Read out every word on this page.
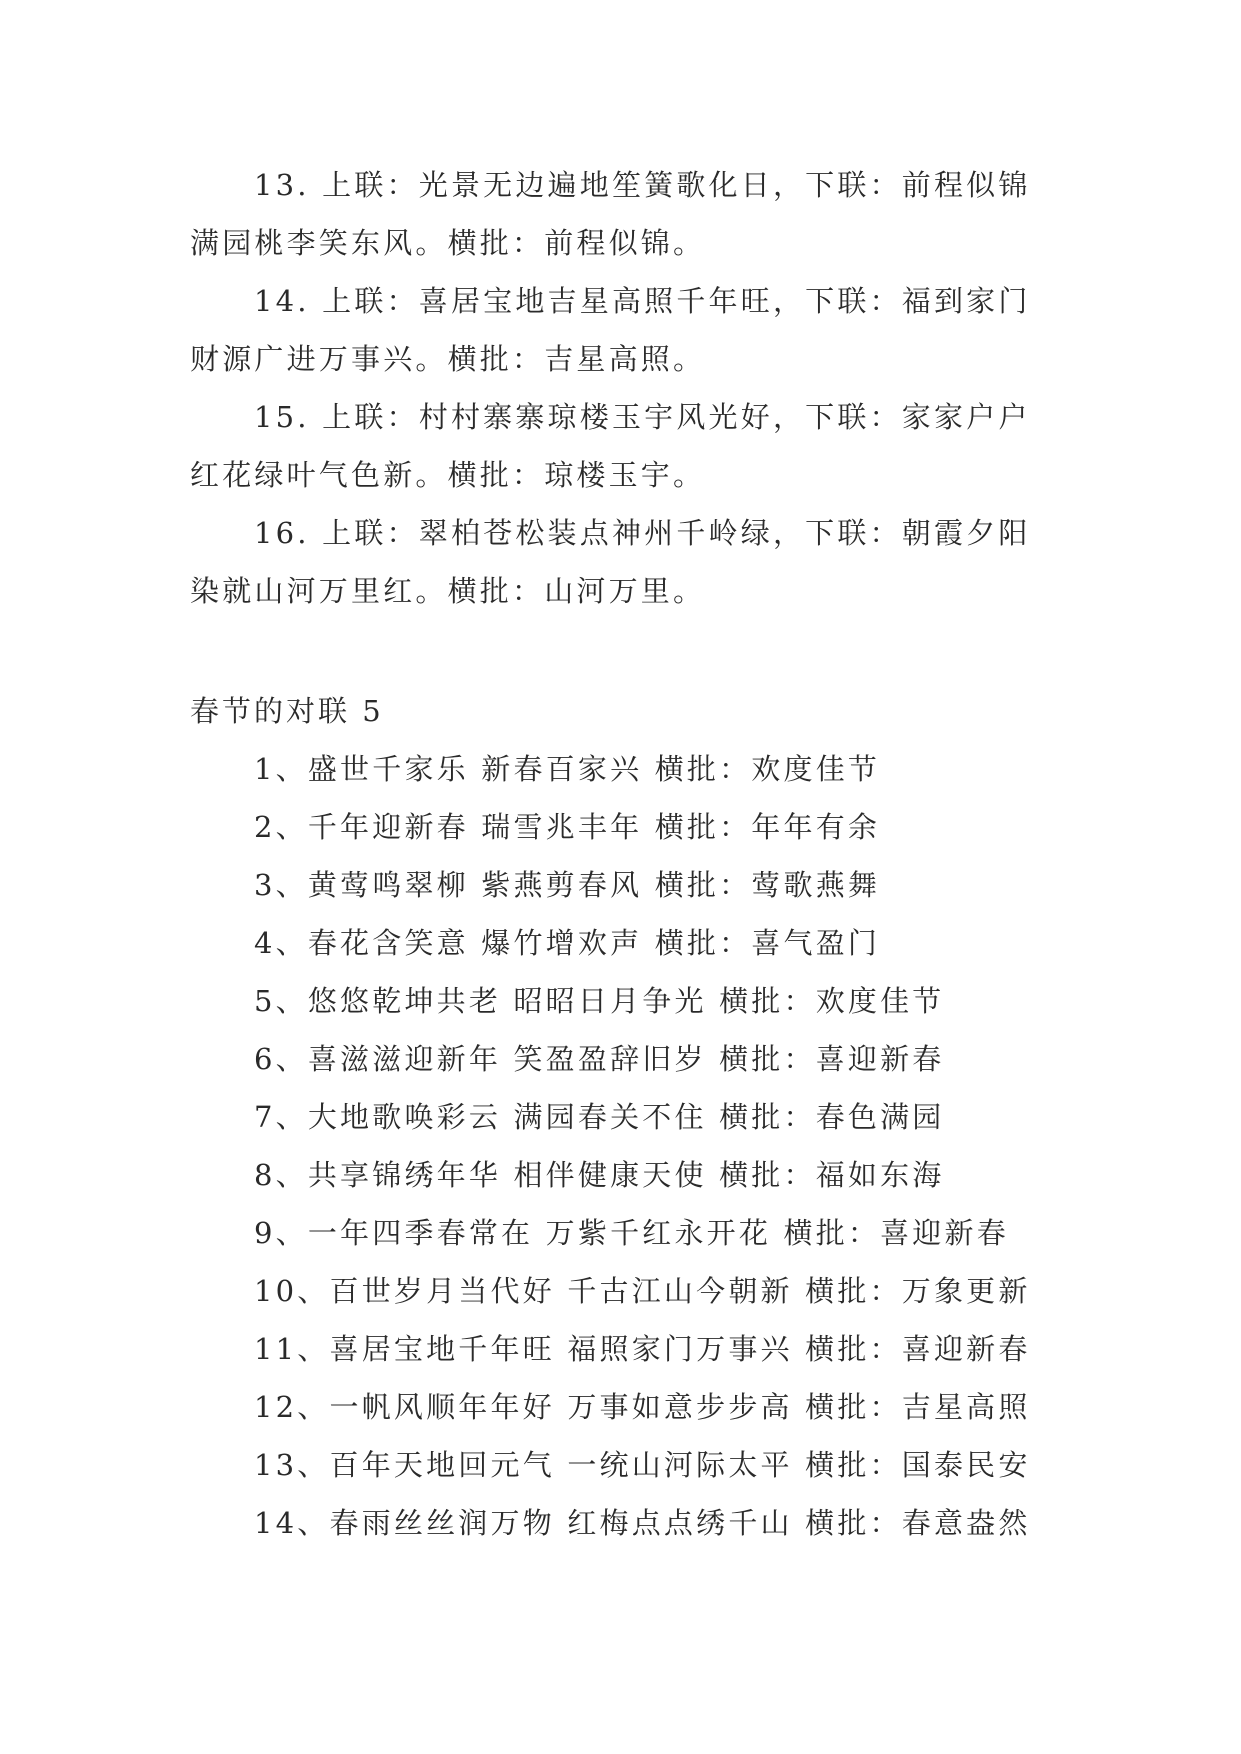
13. 上联：光景无边遍地笙簧歌化日，下联：前程似锦满园桃李笑东风。横批：前程似锦。

14. 上联：喜居宝地吉星高照千年旺，下联：福到家门财源广进万事兴。横批：吉星高照。

15. 上联：村村寨寨琼楼玉宇风光好，下联：家家户户红花绿叶气色新。横批：琼楼玉宇。

16. 上联：翠柏苍松装点神州千岭绿，下联：朝霞夕阳染就山河万里红。横批：山河万里。

春节的对联 5
1、盛世千家乐 新春百家兴 横批：欢度佳节
2、千年迎新春 瑞雪兆丰年 横批：年年有余
3、黄莺鸣翠柳 紫燕剪春风 横批：莺歌燕舞
4、春花含笑意 爆竹增欢声 横批：喜气盈门
5、悠悠乾坤共老 昭昭日月争光 横批：欢度佳节
6、喜滋滋迎新年 笑盈盈辞旧岁 横批：喜迎新春
7、大地歌唤彩云 满园春关不住 横批：春色满园
8、共享锦绣年华 相伴健康天使 横批：福如东海
9、一年四季春常在 万紫千红永开花 横批：喜迎新春
10、百世岁月当代好 千古江山今朝新 横批：万象更新
11、喜居宝地千年旺 福照家门万事兴 横批：喜迎新春
12、一帆风顺年年好 万事如意步步高 横批：吉星高照
13、百年天地回元气 一统山河际太平 横批：国泰民安
14、春雨丝丝润万物 红梅点点绣千山 横批：春意盎然
